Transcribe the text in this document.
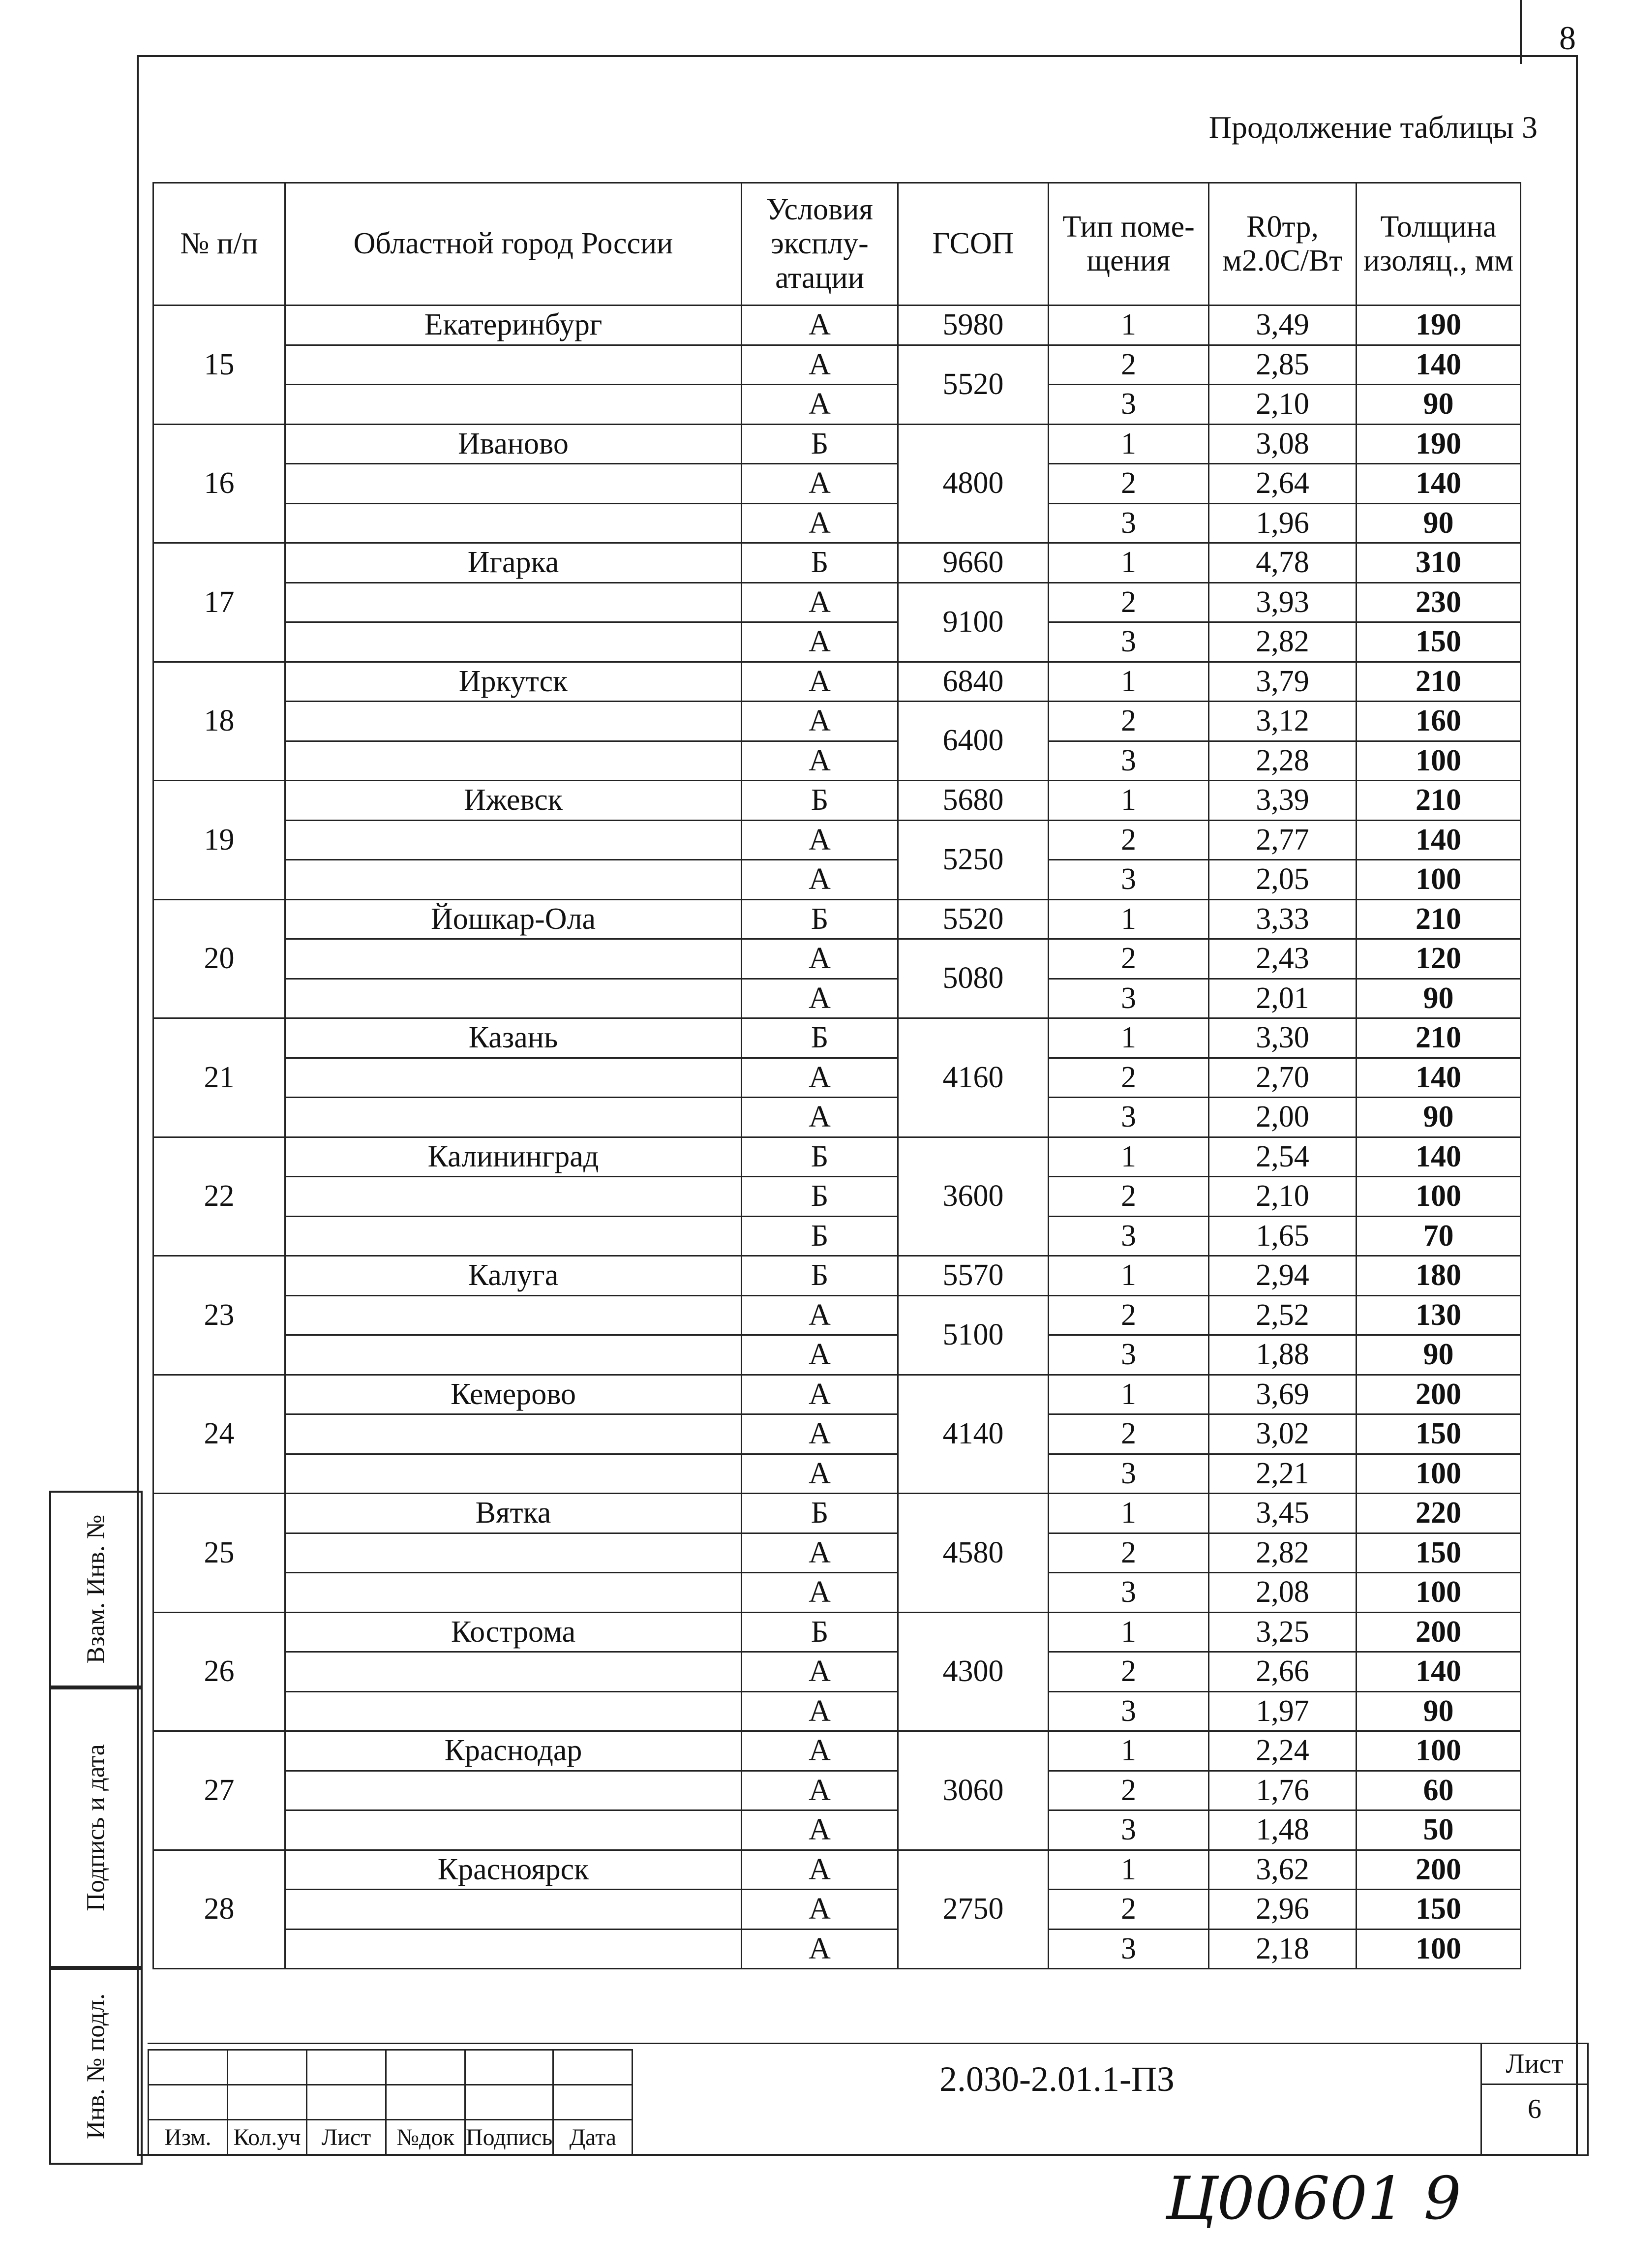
8
Продолжение таблицы 3
№ п/п	Областной город России	Условия эксплу- атации	ГСОП	Тип поме- щения	R0тр, м2.0С/Вт	Толщина изоляц., мм
15	Екатеринбург	А	5980	1	3,49	190
		А	5520	2	2,85	140
		А		3	2,10	90
16	Иваново	Б	4800	1	3,08	190
		А		2	2,64	140
		А		3	1,96	90
17	Игарка	Б	9660	1	4,78	310
		А	9100	2	3,93	230
		А		3	2,82	150
18	Иркутск	А	6840	1	3,79	210
		А	6400	2	3,12	160
		А		3	2,28	100
19	Ижевск	Б	5680	1	3,39	210
		А	5250	2	2,77	140
		А		3	2,05	100
20	Йошкар-Ола	Б	5520	1	3,33	210
		А	5080	2	2,43	120
		А		3	2,01	90
21	Казань	Б	4160	1	3,30	210
		А		2	2,70	140
		А		3	2,00	90
22	Калининград	Б	3600	1	2,54	140
		Б		2	2,10	100
		Б		3	1,65	70
23	Калуга	Б	5570	1	2,94	180
		А	5100	2	2,52	130
		А		3	1,88	90
24	Кемерово	А	4140	1	3,69	200
		А		2	3,02	150
		А		3	2,21	100
25	Вятка	Б	4580	1	3,45	220
		А		2	2,82	150
		А		3	2,08	100
26	Кострома	Б	4300	1	3,25	200
		А		2	2,66	140
		А		3	1,97	90
27	Краснодар	А	3060	1	2,24	100
		А		2	1,76	60
		А		3	1,48	50
28	Красноярск	А	2750	1	3,62	200
		А		2	2,96	150
		А		3	2,18	100
Взам. Инв. №
Подпись и дата
Инв. № подл.

					Изм.	Кол.уч	Лист	№док	Подпись	Дата
2.030-2.01.1-ПЗ	Лист
6
Ц00601 9
